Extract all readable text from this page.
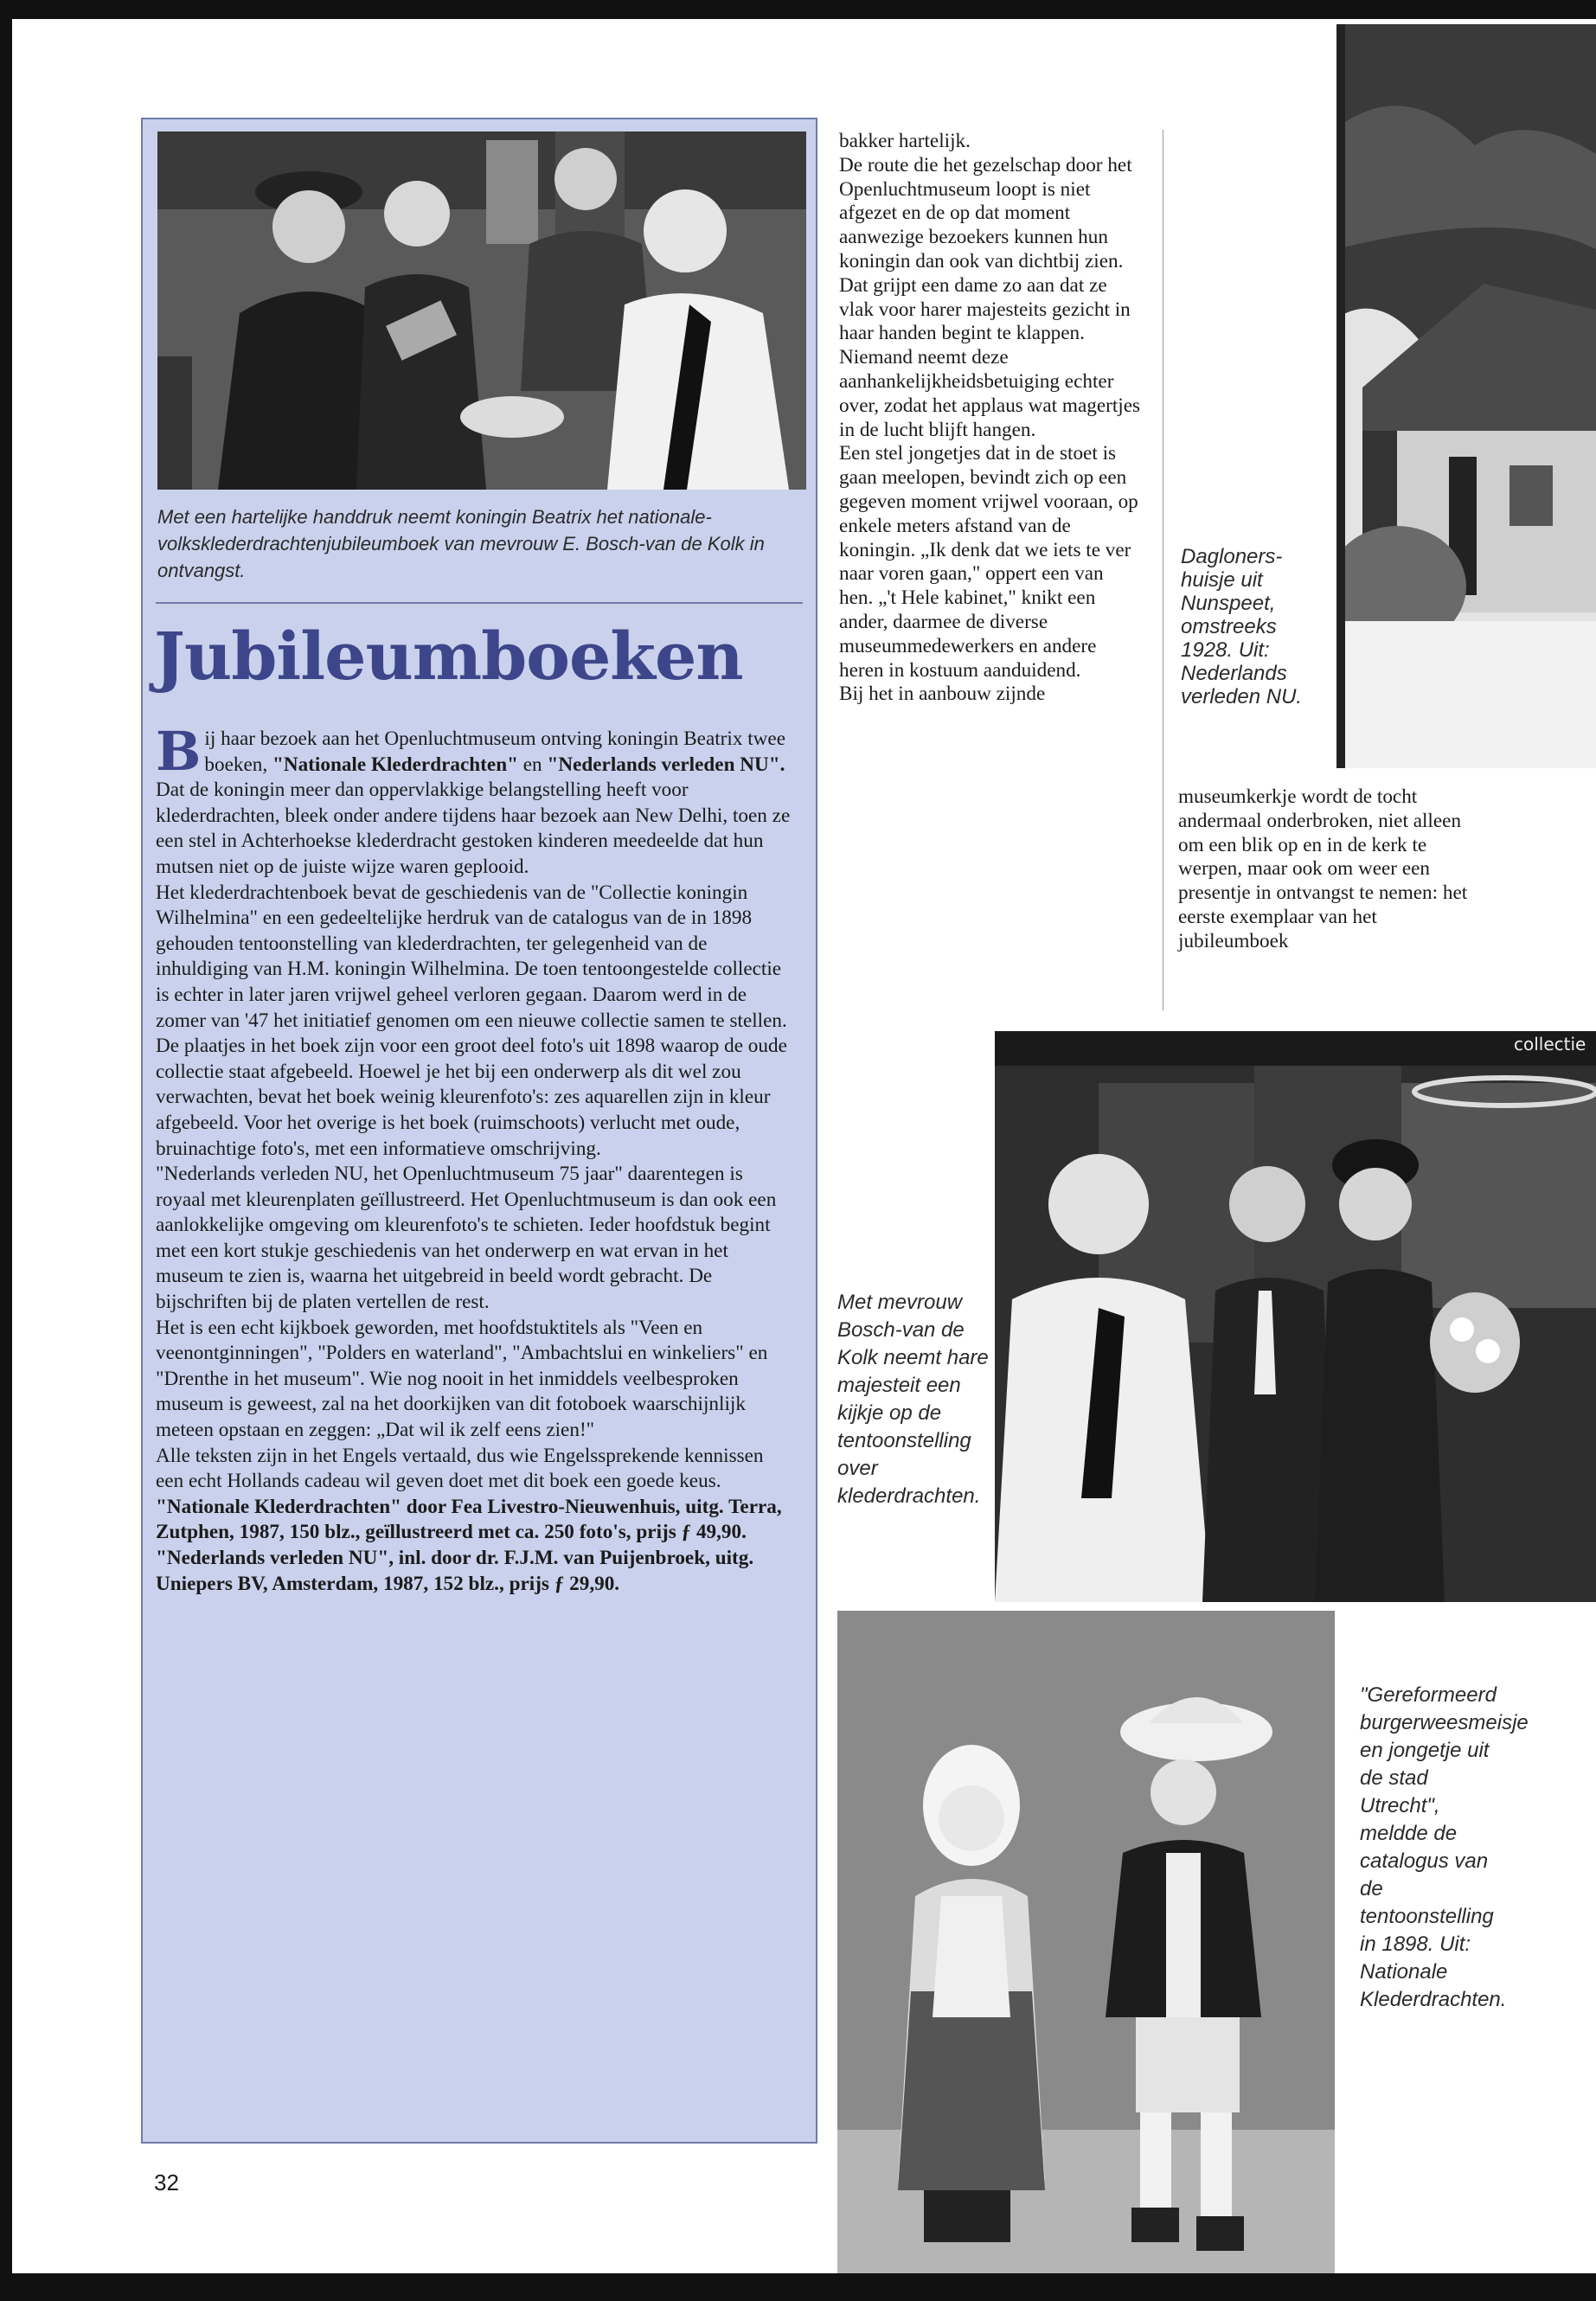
Met een hartelijke handdruk neemt koningin Beatrix het nationale-volksklederdrachtenjubileumboek van mevrouw E. Bosch-van de Kolk in ontvangst.
Jubileumboeken

Bij haar bezoek aan het Openluchtmuseum ontving koningin Beatrix twee boeken, "Nationale Klederdrachten" en "Nederlands verleden NU". Dat de koningin meer dan oppervlakkige belangstelling heeft voor klederdrachten, bleek onder andere tijdens haar bezoek aan New Delhi, toen ze een stel in Achterhoekse klederdracht gestoken kinderen meedeelde dat hun mutsen niet op de juiste wijze waren geplooid.

Het klederdrachtenboek bevat de geschiedenis van de "Collectie koningin Wilhelmina" en een gedeeltelijke herdruk van de catalogus van de in 1898 gehouden tentoonstelling van klederdrachten, ter gelegenheid van de inhuldiging van H.M. koningin Wilhelmina. De toen tentoongestelde collectie is echter in later jaren vrijwel geheel verloren gegaan. Daarom werd in de zomer van '47 het initiatief genomen om een nieuwe collectie samen te stellen.

De plaatjes in het boek zijn voor een groot deel foto's uit 1898 waarop de oude collectie staat afgebeeld. Hoewel je het bij een onderwerp als dit wel zou verwachten, bevat het boek weinig kleurenfoto's: zes aquarellen zijn in kleur afgebeeld. Voor het overige is het boek (ruimschoots) verlucht met oude, bruinachtige foto's, met een informatieve omschrijving.

"Nederlands verleden NU, het Openluchtmuseum 75 jaar" daarentegen is royaal met kleurenplaten geïllustreerd. Het Openluchtmuseum is dan ook een aanlokkelijke omgeving om kleurenfoto's te schieten. Ieder hoofdstuk begint met een kort stukje geschiedenis van het onderwerp en wat ervan in het museum te zien is, waarna het uitgebreid in beeld wordt gebracht. De bijschriften bij de platen vertellen de rest.

Het is een echt kijkboek geworden, met hoofdstuktitels als "Veen en veenontginningen", "Polders en waterland", "Ambachtslui en winkeliers" en "Drenthe in het museum". Wie nog nooit in het inmiddels veelbesproken museum is geweest, zal na het doorkijken van dit fotoboek waarschijnlijk meteen opstaan en zeggen: „Dat wil ik zelf eens zien!"

Alle teksten zijn in het Engels vertaald, dus wie Engelssprekende kennissen een echt Hollands cadeau wil geven doet met dit boek een goede keus.

"Nationale Klederdrachten" door Fea Livestro-Nieuwenhuis, uitg. Terra, Zutphen, 1987, 150 blz., geïllustreerd met ca. 250 foto's, prijs ƒ 49,90. "Nederlands verleden NU", inl. door dr. F.J.M. van Puijenbroek, uitg. Uniepers BV, Amsterdam, 1987, 152 blz., prijs ƒ 29,90.

bakker hartelijk.

De route die het gezelschap door het Openluchtmuseum loopt is niet afgezet en de op dat moment aanwezige bezoekers kunnen hun koningin dan ook van dichtbij zien. Dat grijpt een dame zo aan dat ze vlak voor harer majesteits gezicht in haar handen begint te klappen. Niemand neemt deze aanhankelijkheidsbetuiging echter over, zodat het applaus wat magertjes in de lucht blijft hangen.

Een stel jongetjes dat in de stoet is gaan meelopen, bevindt zich op een gegeven moment vrijwel vooraan, op enkele meters afstand van de koningin. „Ik denk dat we iets te ver naar voren gaan," oppert een van hen. „'t Hele kabinet," knikt een ander, daarmee de diverse museummedewerkers en andere heren in kostuum aanduidend.

Bij het in aanbouw zijnde

Dagloners-huisje uit Nunspeet, omstreeks 1928. Uit: Nederlands verleden NU.

museumkerkje wordt de tocht andermaal onderbroken, niet alleen om een blik op en in de kerk te werpen, maar ook om weer een presentje in ontvangst te nemen: het eerste exemplaar van het jubileumboek

collectie
Met mevrouw Bosch-van de Kolk neemt hare majesteit een kijkje op de tentoonstelling over klederdrachten.
"Gereformeerd burgerweesmeisje en jongetje uit de stad Utrecht", meldde de catalogus van de tentoonstelling in 1898. Uit: Nationale Klederdrachten.
32
